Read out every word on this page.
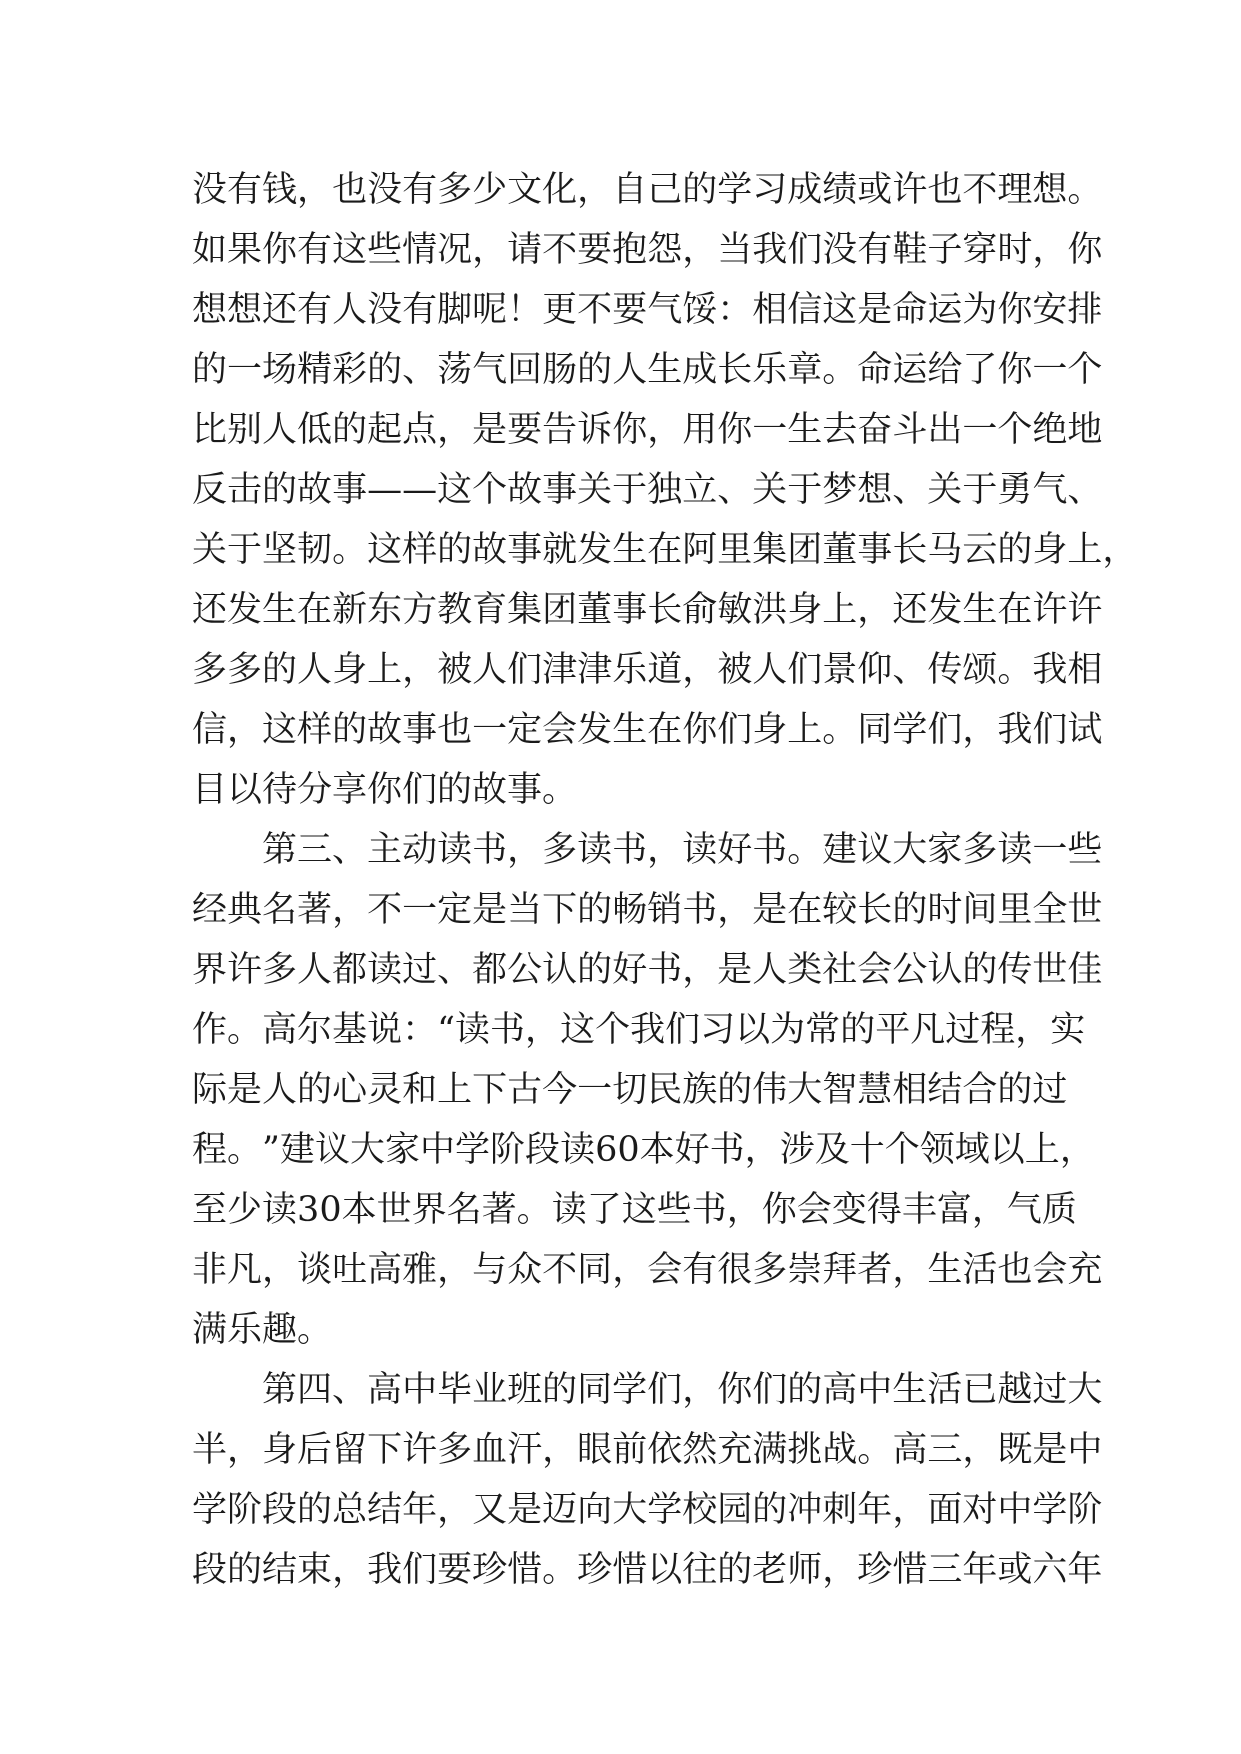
没 有 钱 ， 也 没 有 多 少 文 化 ， 自 己 的 学 习 成 绩 或 许 也 不 理 想 。
如 果 你 有 这 些 情 况 ， 请 不 要 抱 怨 ， 当 我 们 没 有 鞋 子 穿 时 ， 你
想 想 还 有 人 没 有 脚 呢 ！ 更 不 要 气 馁 ： 相 信 这 是 命 运 为 你 安 排
的 一 场 精 彩 的 、 荡 气 回 肠 的 人 生 成 长 乐 章 。 命 运 给 了 你 一 个
比 别 人 低 的 起 点 ， 是 要 告 诉 你 ， 用 你 一 生 去 奋 斗 出 一 个 绝 地
反 击 的 故 事 — — 这 个 故 事 关 于 独 立 、 关 于 梦 想 、 关 于 勇 气 、
关 于 坚 韧 。 这 样 的 故 事 就 发 生 在 阿 里 集 团 董 事 长 马 云 的 身 上 ，
还 发 生 在 新 东 方 教 育 集 团 董 事 长 俞 敏 洪 身 上 ， 还 发 生 在 许 许
多 多 的 人 身 上 ， 被 人 们 津 津 乐 道 ， 被 人 们 景 仰 、 传 颂 。 我 相
信 ， 这 样 的 故 事 也 一 定 会 发 生 在 你 们 身 上 。 同 学 们 ， 我 们 试
目以待分享你们的故事。
第 三 、 主 动 读 书 ， 多 读 书 ， 读 好 书 。 建 议 大 家 多 读 一 些
经 典 名 著 ， 不 一 定 是 当 下 的 畅 销 书 ， 是 在 较 长 的 时 间 里 全 世
界 许 多 人 都 读 过 、 都 公 认 的 好 书 ， 是 人 类 社 会 公 认 的 传 世 佳
作 。 高 尔 基 说 ： “ 读 书 ， 这 个 我 们 习 以 为 常 的 平 凡 过 程 ， 实
际 是 人 的 心 灵 和 上 下 古 今 一 切 民 族 的 伟 大 智 慧 相 结 合 的 过
程 。 ” 建 议 大 家 中 学 阶 段 读 60 本 好 书 ， 涉 及 十 个 领 域 以 上 ，
至 少 读 30 本 世 界 名 著 。 读 了 这 些 书 ， 你 会 变 得 丰 富 ， 气 质
非 凡 ， 谈 吐 高 雅 ， 与 众 不 同 ， 会 有 很 多 崇 拜 者 ， 生 活 也 会 充
满乐趣。
第 四 、 高 中 毕 业 班 的 同 学 们 ， 你 们 的 高 中 生 活 已 越 过 大
半 ， 身 后 留 下 许 多 血 汗 ， 眼 前 依 然 充 满 挑 战 。 高 三 ， 既 是 中
学 阶 段 的 总 结 年 ， 又 是 迈 向 大 学 校 园 的 冲 刺 年 ， 面 对 中 学 阶
段 的 结 束 ， 我 们 要 珍 惜 。 珍 惜 以 往 的 老 师 ， 珍 惜 三 年 或 六 年
